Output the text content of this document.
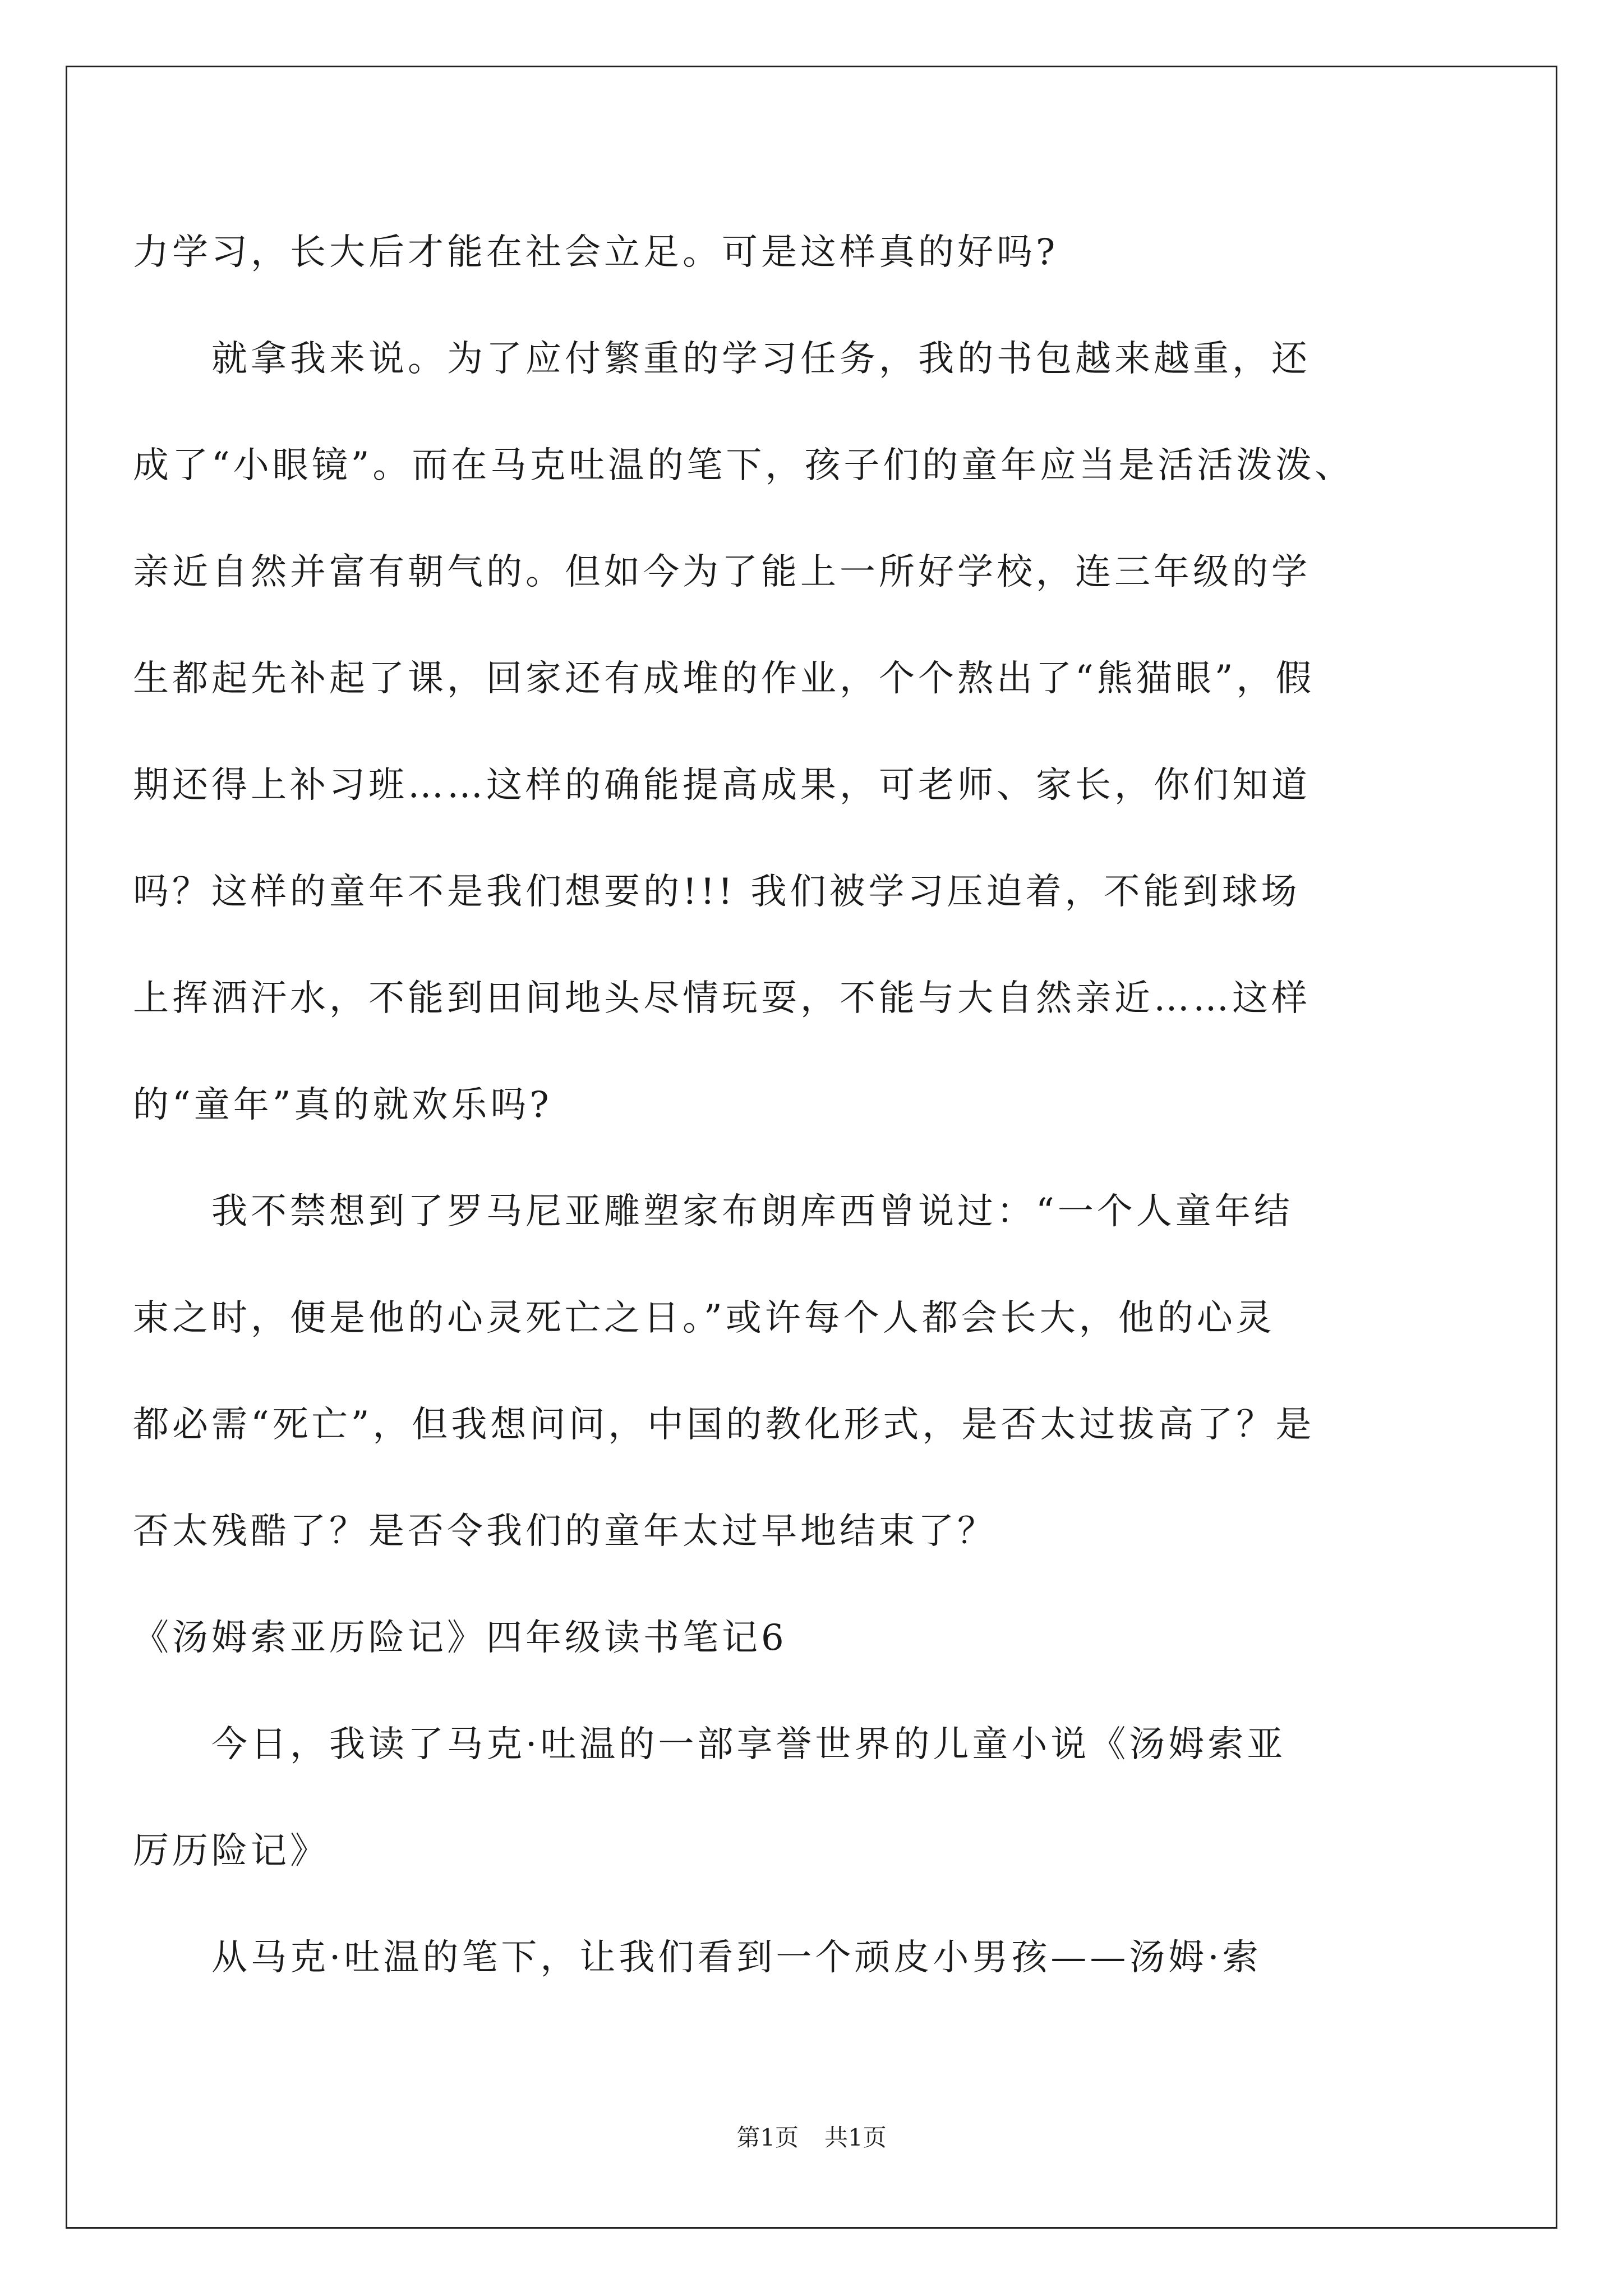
力学习，长大后才能在社会立足。可是这样真的好吗?
就拿我来说。为了应付繁重的学习任务，我的书包越来越重，还
成了“小眼镜”。而在马克吐温的笔下，孩子们的童年应当是活活泼泼、
亲近自然并富有朝气的。但如今为了能上一所好学校，连三年级的学
生都起先补起了课，回家还有成堆的作业，个个熬出了“熊猫眼”，假
期还得上补习班……这样的确能提高成果，可老师、家长，你们知道
吗？这样的童年不是我们想要的!!! 我们被学习压迫着，不能到球场
上挥洒汗水，不能到田间地头尽情玩耍，不能与大自然亲近……这样
的“童年”真的就欢乐吗?
我不禁想到了罗马尼亚雕塑家布朗库西曾说过：“一个人童年结
束之时，便是他的心灵死亡之日。”或许每个人都会长大，他的心灵
都必需“死亡”，但我想问问，中国的教化形式，是否太过拔高了？是
否太残酷了？是否令我们的童年太过早地结束了？
《汤姆索亚历险记》四年级读书笔记6
今日，我读了马克·吐温的一部享誉世界的儿童小说《汤姆索亚
厉历险记》
从马克·吐温的笔下，让我们看到一个顽皮小男孩——汤姆·索
第1页 共1页
